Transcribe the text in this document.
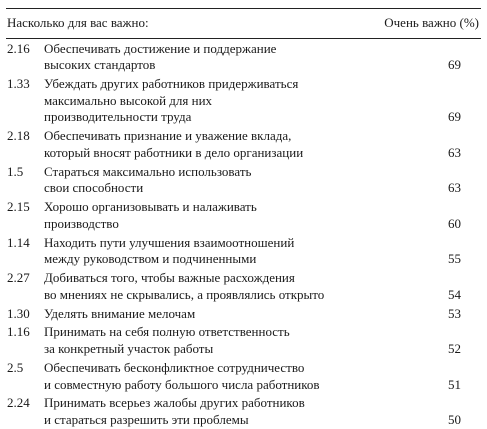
Насколько для вас важно:	Очень важно (%)
2.16	Обеспечивать достижение и поддержание
высоких стандартов	69
1.33	Убеждать других работников придерживаться
максимально высокой для них
производительности труда	69
2.18	Обеспечивать признание и уважение вклада,
который вносят работники в дело организации	63
1.5	Стараться максимально использовать
свои способности	63
2.15	Хорошо организовывать и налаживать
производство	60
1.14	Находить пути улучшения взаимоотношений
между руководством и подчиненными	55
2.27	Добиваться того, чтобы важные расхождения
во мнениях не скрывались, а проявлялись открыто	54
1.30	Уделять внимание мелочам	53
1.16	Принимать на себя полную ответственность
за конкретный участок работы	52
2.5	Обеспечивать бесконфликтное сотрудничество
и совместную работу большого числа работников	51
2.24	Принимать всерьез жалобы других работников
и стараться разрешить эти проблемы	50
